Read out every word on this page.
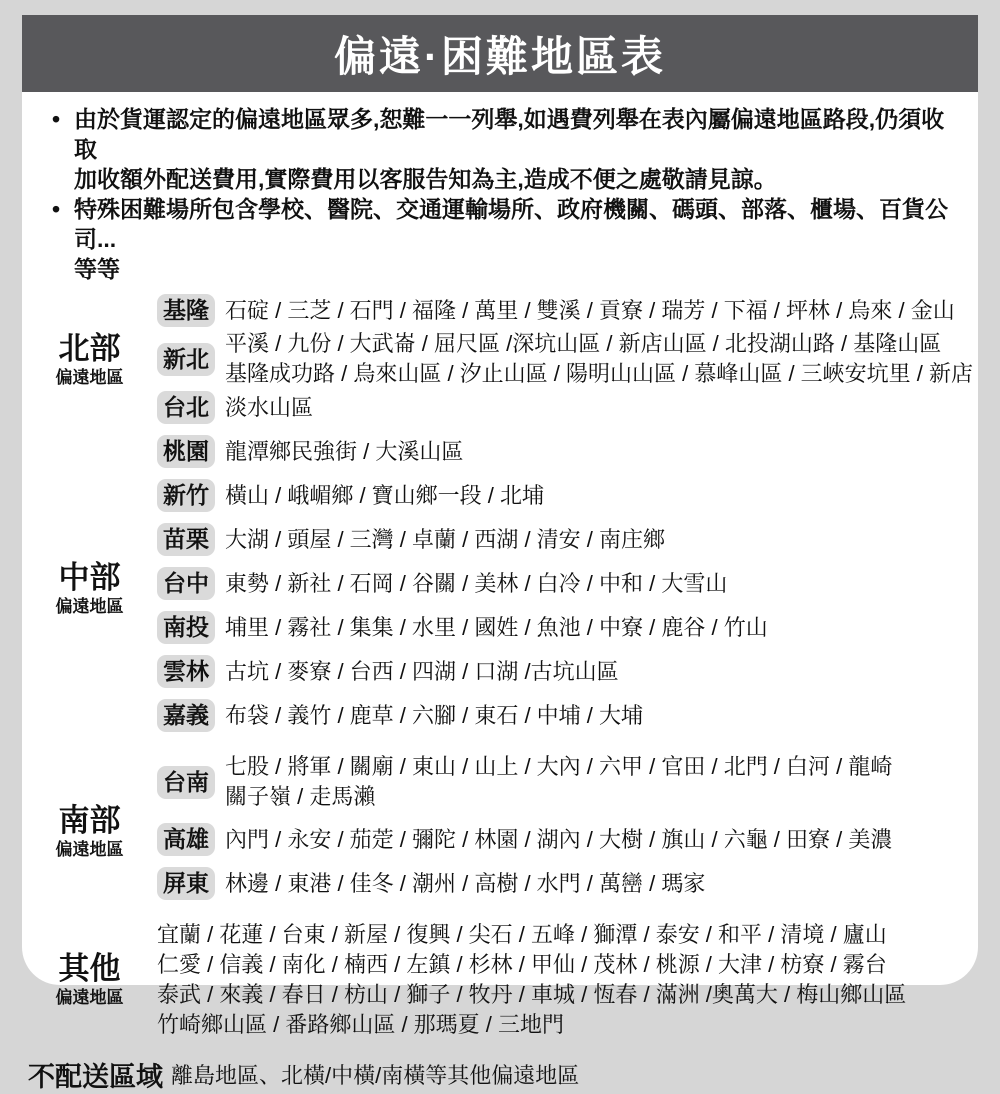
偏遠·困難地區表
• 由於貨運認定的偏遠地區眾多,恕難一一列舉,如遇費列舉在表內屬偏遠地區路段,仍須收取
加收額外配送費用,實際費用以客服告知為主,造成不便之處敬請見諒。
• 特殊困難場所包含學校、醫院、交通運輸場所、政府機關、碼頭、部落、櫃場、百貨公司...
等等
北部
偏遠地區
基隆 石碇 / 三芝 / 石門 / 福隆 / 萬里 / 雙溪 / 貢寮 / 瑞芳 / 下福 / 坪林 / 烏來 / 金山
新北
平溪 / 九份 / 大武崙 / 屈尺區 /深坑山區 / 新店山區 / 北投湖山路 / 基隆山區
基隆成功路 / 烏來山區 / 汐止山區 / 陽明山山區 / 慕峰山區 / 三峽安坑里 / 新店
台北 淡水山區
中部
偏遠地區
桃園 龍潭鄉民強街 / 大溪山區
新竹 橫山 / 峨嵋鄉 / 寶山鄉一段 / 北埔
苗栗 大湖 / 頭屋 / 三灣 / 卓蘭 / 西湖 / 清安 / 南庄鄉
台中 東勢 / 新社 / 石岡 / 谷關 / 美林 / 白冷 / 中和 / 大雪山
南投 埔里 / 霧社 / 集集 / 水里 / 國姓 / 魚池 / 中寮 / 鹿谷 / 竹山
雲林 古坑 / 麥寮 / 台西 / 四湖 / 口湖 /古坑山區
嘉義 布袋 / 義竹 / 鹿草 / 六腳 / 東石 / 中埔 / 大埔
南部
偏遠地區
台南
七股 / 將軍 / 關廟 / 東山 / 山上 / 大內 / 六甲 / 官田 / 北門 / 白河 / 龍崎
關子嶺 / 走馬瀨
高雄 內門 / 永安 / 茄萣 / 彌陀 / 林園 / 湖內 / 大樹 / 旗山 / 六龜 / 田寮 / 美濃
屏東 林邊 / 東港 / 佳冬 / 潮州 / 高樹 / 水門 / 萬巒 / 瑪家
其他
偏遠地區
宜蘭 / 花蓮 / 台東 / 新屋 / 復興 / 尖石 / 五峰 / 獅潭 / 泰安 / 和平 / 清境 / 廬山
仁愛 / 信義 / 南化 / 楠西 / 左鎮 / 杉林 / 甲仙 / 茂林 / 桃源 / 大津 / 枋寮 / 霧台
泰武 / 來義 / 春日 / 枋山 / 獅子 / 牧丹 / 車城 / 恆春 / 滿洲 /奧萬大 / 梅山鄉山區
竹崎鄉山區 / 番路鄉山區 / 那瑪夏 / 三地門
不配送區域 離島地區、北橫/中橫/南橫等其他偏遠地區
